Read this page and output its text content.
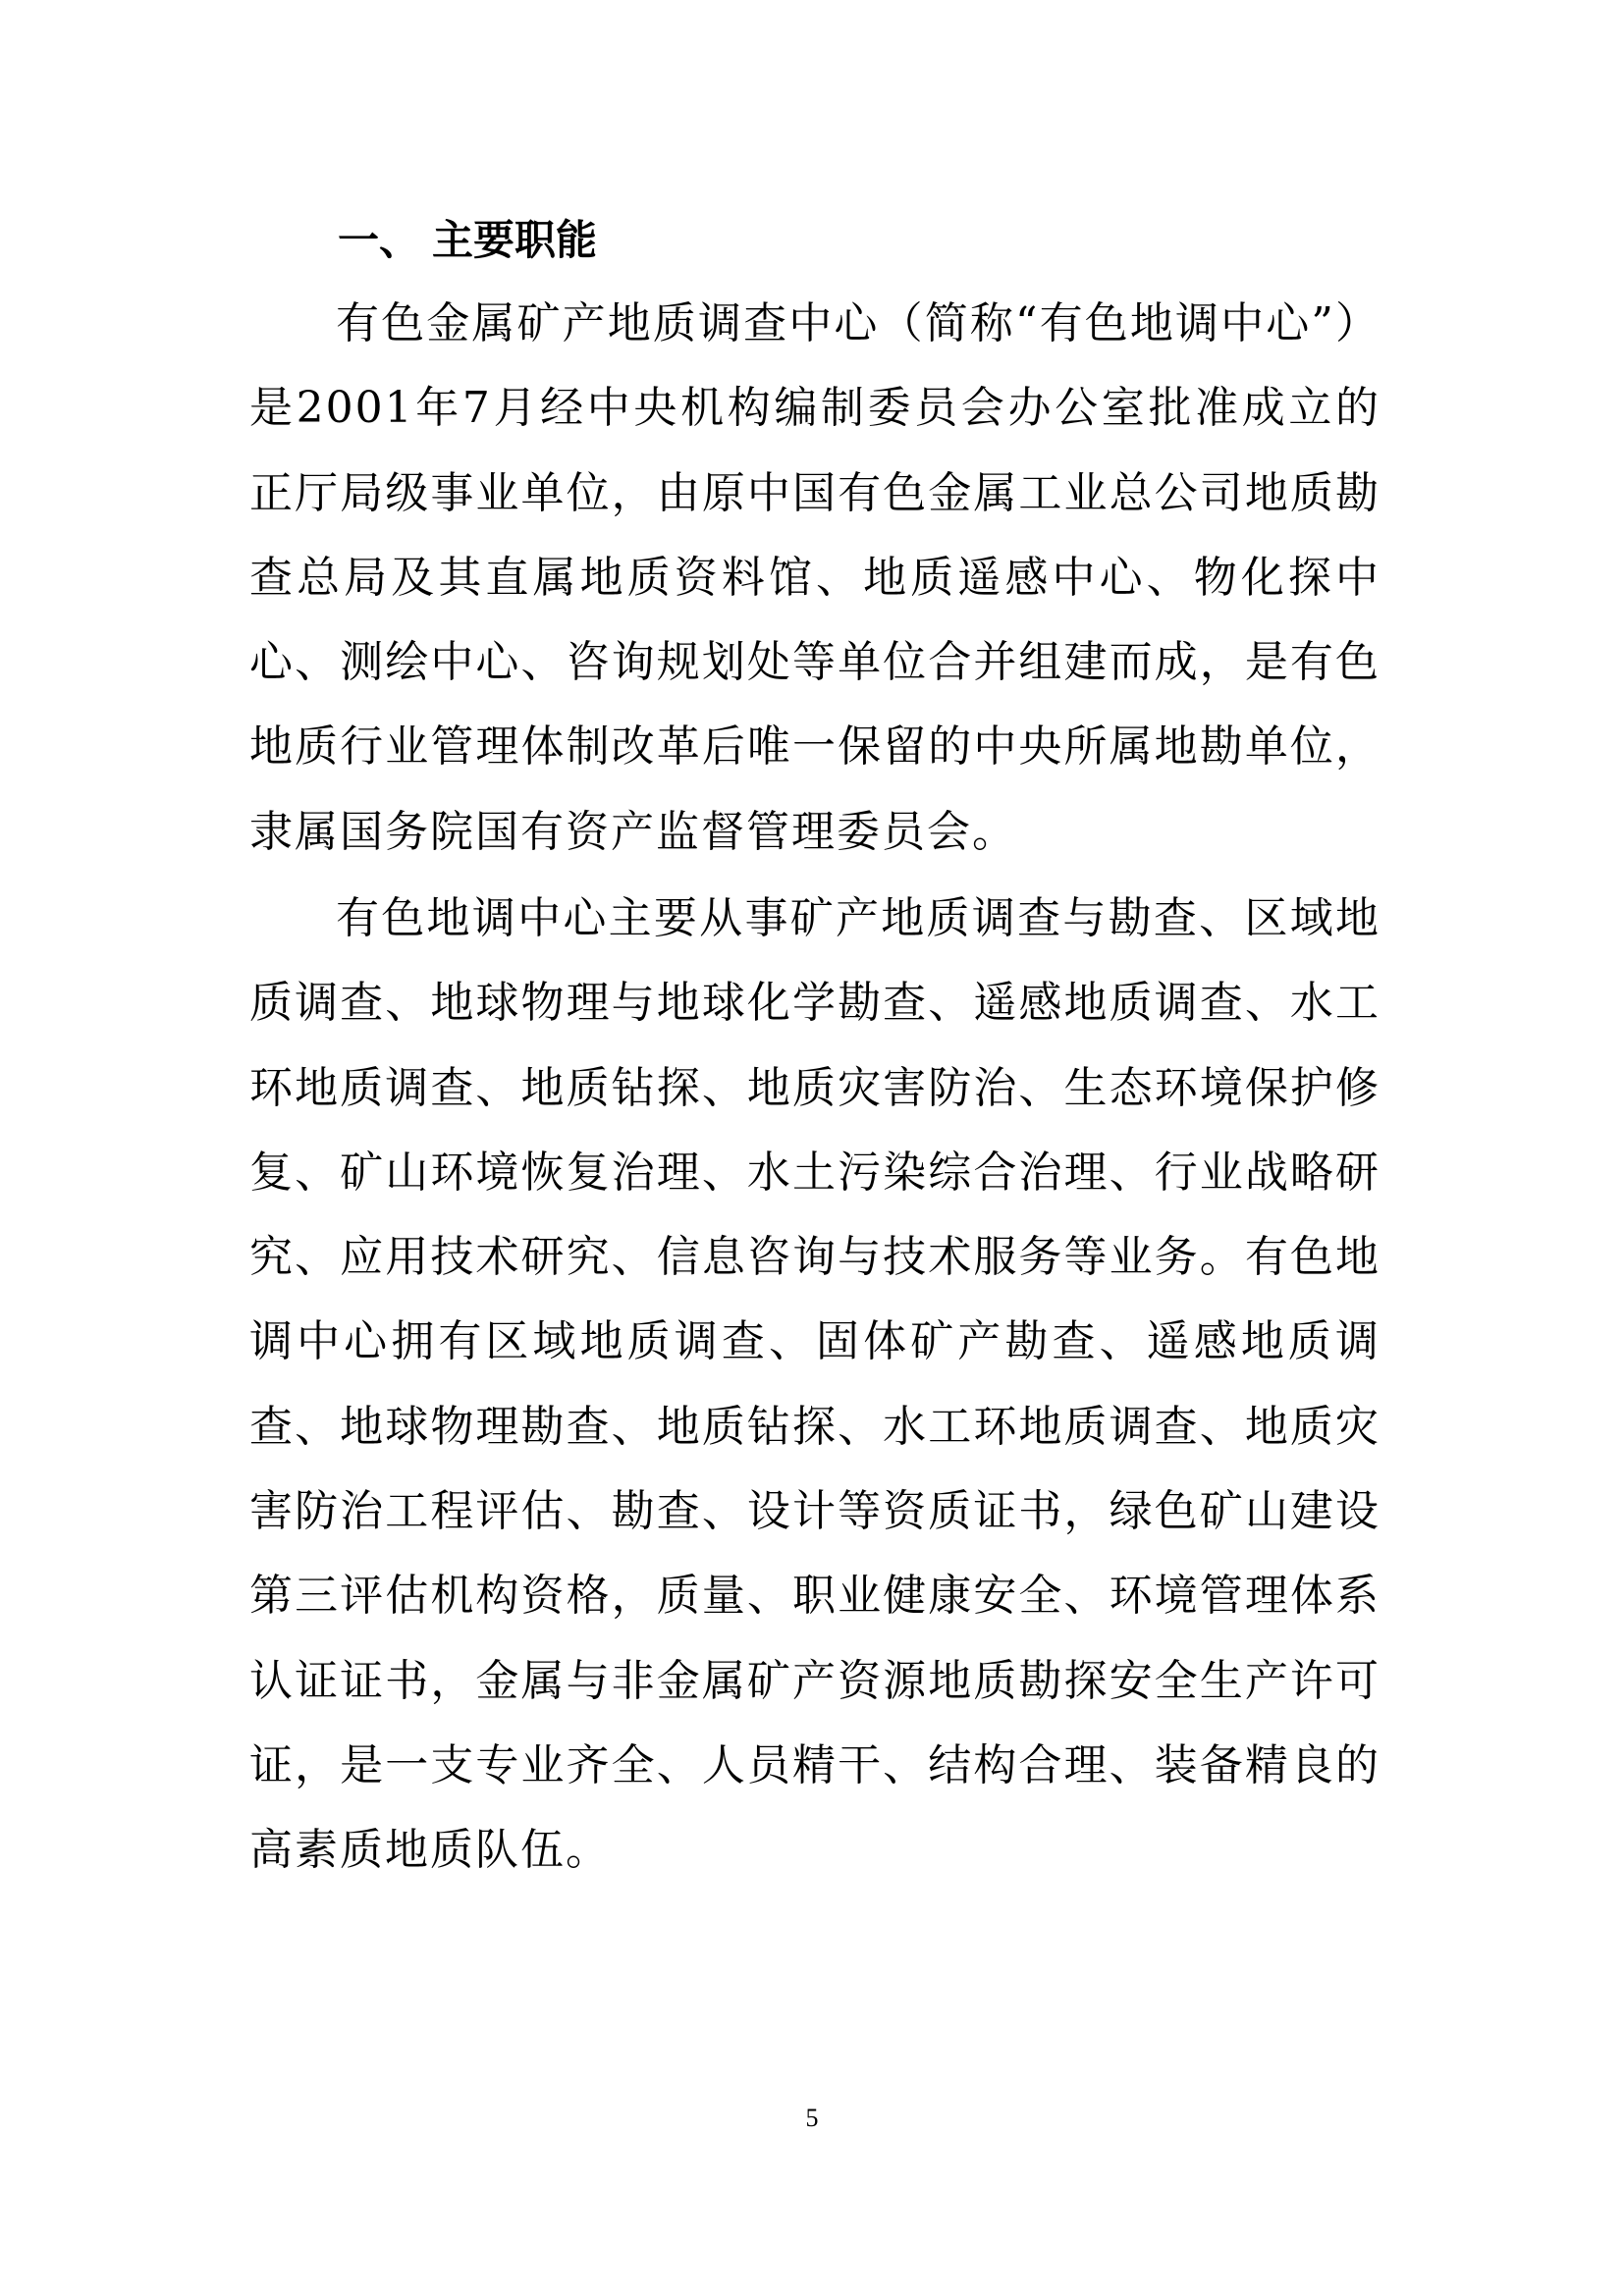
一、 主要职能

有色金属矿产地质调查中心（简称“有色地调中心”）是2001年7月经中央机构编制委员会办公室批准成立的正厅局级事业单位，由原中国有色金属工业总公司地质勘查总局及其直属地质资料馆、地质遥感中心、物化探中心、测绘中心、咨询规划处等单位合并组建而成，是有色地质行业管理体制改革后唯一保留的中央所属地勘单位，隶属国务院国有资产监督管理委员会。

有色地调中心主要从事矿产地质调查与勘查、区域地质调查、地球物理与地球化学勘查、遥感地质调查、水工环地质调查、地质钻探、地质灾害防治、生态环境保护修复、矿山环境恢复治理、水土污染综合治理、行业战略研究、应用技术研究、信息咨询与技术服务等业务。有色地调中心拥有区域地质调查、固体矿产勘查、遥感地质调查、地球物理勘查、地质钻探、水工环地质调查、地质灾害防治工程评估、勘查、设计等资质证书，绿色矿山建设第三评估机构资格，质量、职业健康安全、环境管理体系认证证书，金属与非金属矿产资源地质勘探安全生产许可证，是一支专业齐全、人员精干、结构合理、装备精良的高素质地质队伍。

5
